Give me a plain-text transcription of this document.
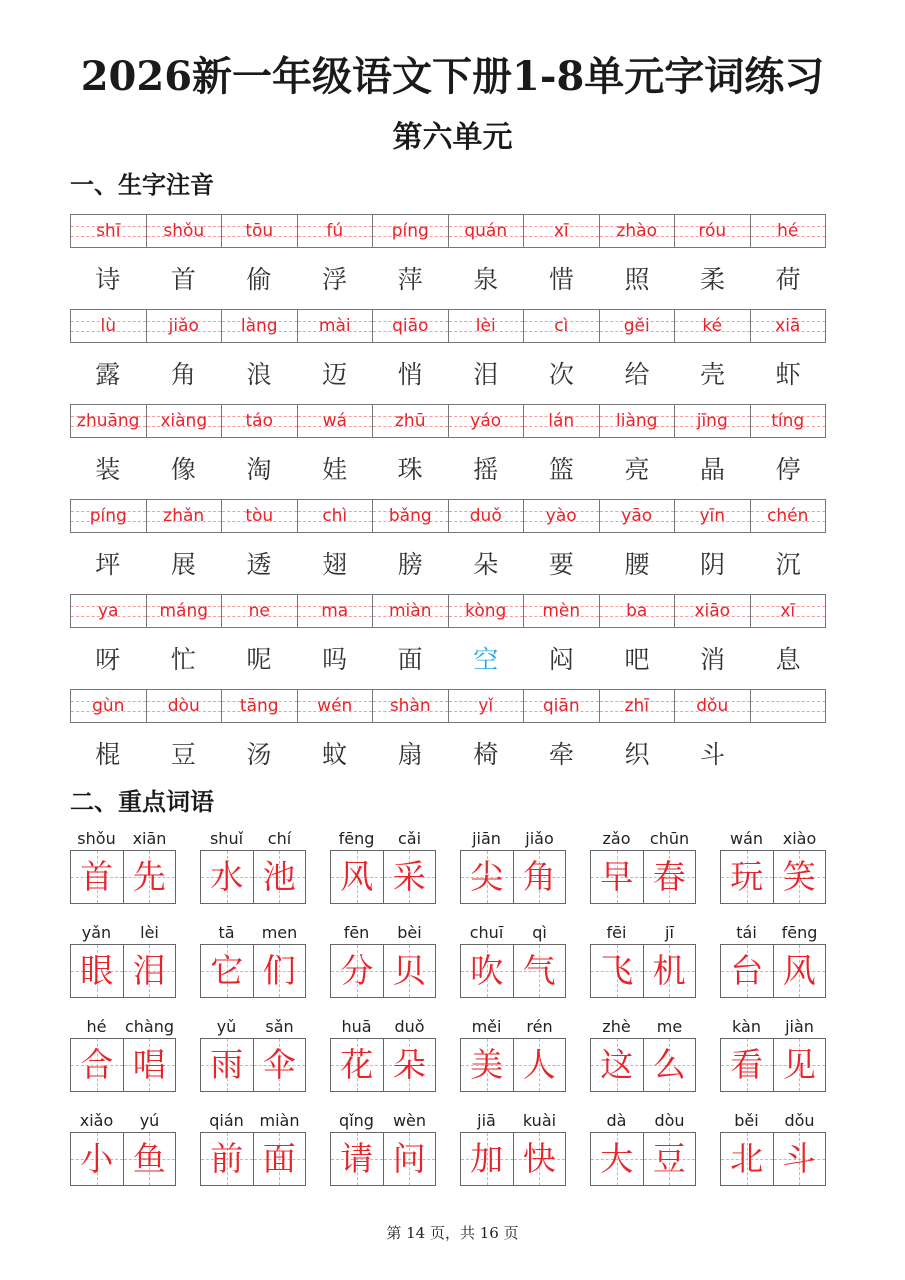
2026新一年级语文下册1-8单元字词练习
第六单元
一、生字注音
shī	shǒu	tōu	fú	píng	quán	xī	zhào	róu	hé
诗	首	偷	浮	萍	泉	惜	照	柔	荷
lù	jiǎo	làng	mài	qiāo	lèi	cì	gěi	ké	xiā
露	角	浪	迈	悄	泪	次	给	壳	虾
zhuāng	xiàng	táo	wá	zhū	yáo	lán	liàng	jīng	tíng
装	像	淘	娃	珠	摇	篮	亮	晶	停
píng	zhǎn	tòu	chì	bǎng	duǒ	yào	yāo	yīn	chén
坪	展	透	翅	膀	朵	要	腰	阴	沉
ya	máng	ne	ma	miàn	kòng	mèn	ba	xiāo	xī
呀	忙	呢	吗	面	空	闷	吧	消	息
gùn	dòu	tāng	wén	shàn	yǐ	qiān	zhī	dǒu
棍	豆	汤	蚊	扇	椅	牵	织	斗
二、重点词语
shǒu	xiān
首 先
shuǐ	chí
水 池
fēng	cǎi
风 采
jiān	jiǎo
尖 角
zǎo	chūn
早 春
wán	xiào
玩 笑
yǎn	lèi
眼 泪
tā	men
它 们
fēn	bèi
分 贝
chuī	qì
吹 气
fēi	jī
飞 机
tái	fēng
台 风
hé	chàng
合 唱
yǔ	sǎn
雨 伞
huā	duǒ
花 朵
měi	rén
美 人
zhè	me
这 么
kàn	jiàn
看 见
xiǎo	yú
小 鱼
qián miàn
前 面
qǐng	wèn
请 问
jiā	kuài
加 快
dà	dòu
大 豆
běi	dǒu
北 斗
第 14 页，共 16 页
